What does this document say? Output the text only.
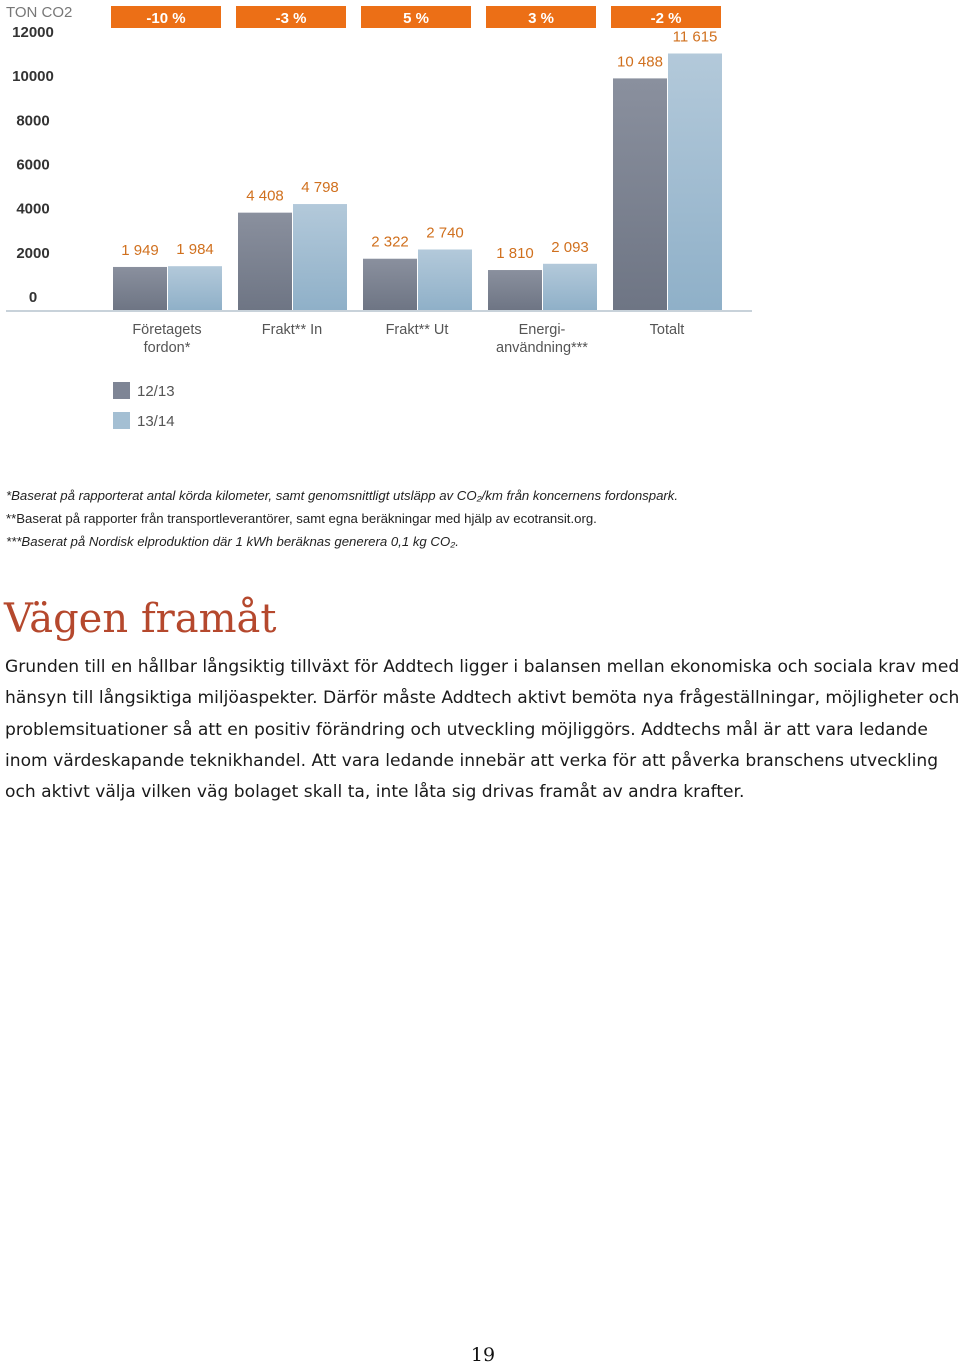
TON CO2
0
2000
4000
6000
8000
10000
12000
-10 %
1 949 1 984
Företagets
fordon*
-3 %
4 408
4 798
Frakt** In
5 %
2 322
2 740
Frakt** Ut
3 %
1 810 2 093
Energi-
användning***
-2 %
10 488
11 615
Totalt
12/13
13/14
*Baserat på rapporterat antal körda kilometer, samt genomsnittligt utsläpp av CO₂/km från koncernens fordonspark.
**Baserat på rapporter från transportleverantörer, samt egna beräkningar med hjälp av ecotransit.org.
***Baserat på Nordisk elproduktion där 1 kWh beräknas generera 0,1 kg CO₂.
Vägen framåt

Grunden till en hållbar långsiktig tillväxt för Addtech ligger i balansen mellan ekonomiska och sociala krav med hänsyn till långsiktiga miljöaspekter. Därför måste Addtech aktivt bemöta nya frågeställningar, möjligheter och problemsituationer så att en positiv förändring och utveckling möjliggörs. Addtechs mål är att vara ledande inom värdeskapande teknikhandel. Att vara ledande innebär att verka för att påverka branschens utveckling och aktivt välja vilken väg bolaget skall ta, inte låta sig drivas framåt av andra krafter.

19
